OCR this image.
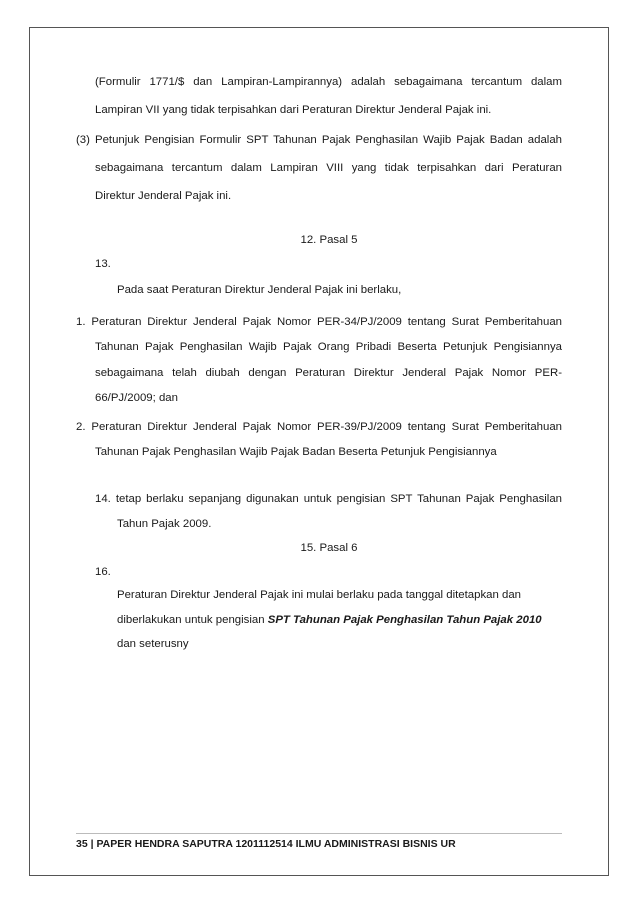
(Formulir 1771/$ dan Lampiran-Lampirannya) adalah sebagaimana tercantum dalam
Lampiran VII yang tidak terpisahkan dari Peraturan Direktur Jenderal Pajak ini.
(3) Petunjuk Pengisian Formulir SPT Tahunan Pajak Penghasilan Wajib Pajak Badan adalah
sebagaimana tercantum dalam Lampiran VIII yang tidak terpisahkan dari Peraturan
Direktur Jenderal Pajak ini.
12. Pasal 5
13.
Pada saat Peraturan Direktur Jenderal Pajak ini berlaku,
1. Peraturan Direktur Jenderal Pajak Nomor PER-34/PJ/2009 tentang Surat Pemberitahuan
Tahunan Pajak Penghasilan Wajib Pajak Orang Pribadi Beserta Petunjuk Pengisiannya
sebagaimana telah diubah dengan Peraturan Direktur Jenderal Pajak Nomor PER-
66/PJ/2009; dan
2. Peraturan Direktur Jenderal Pajak Nomor PER-39/PJ/2009 tentang Surat Pemberitahuan
Tahunan Pajak Penghasilan Wajib Pajak Badan Beserta Petunjuk Pengisiannya
14. tetap berlaku sepanjang digunakan untuk pengisian SPT Tahunan Pajak Penghasilan
Tahun Pajak 2009.
15. Pasal 6
16.
Peraturan Direktur Jenderal Pajak ini mulai berlaku pada tanggal ditetapkan dan
diberlakukan untuk pengisian SPT Tahunan Pajak Penghasilan Tahun Pajak 2010
dan seterusny
35 | PAPER HENDRA SAPUTRA 1201112514 ILMU ADMINISTRASI BISNIS UR
